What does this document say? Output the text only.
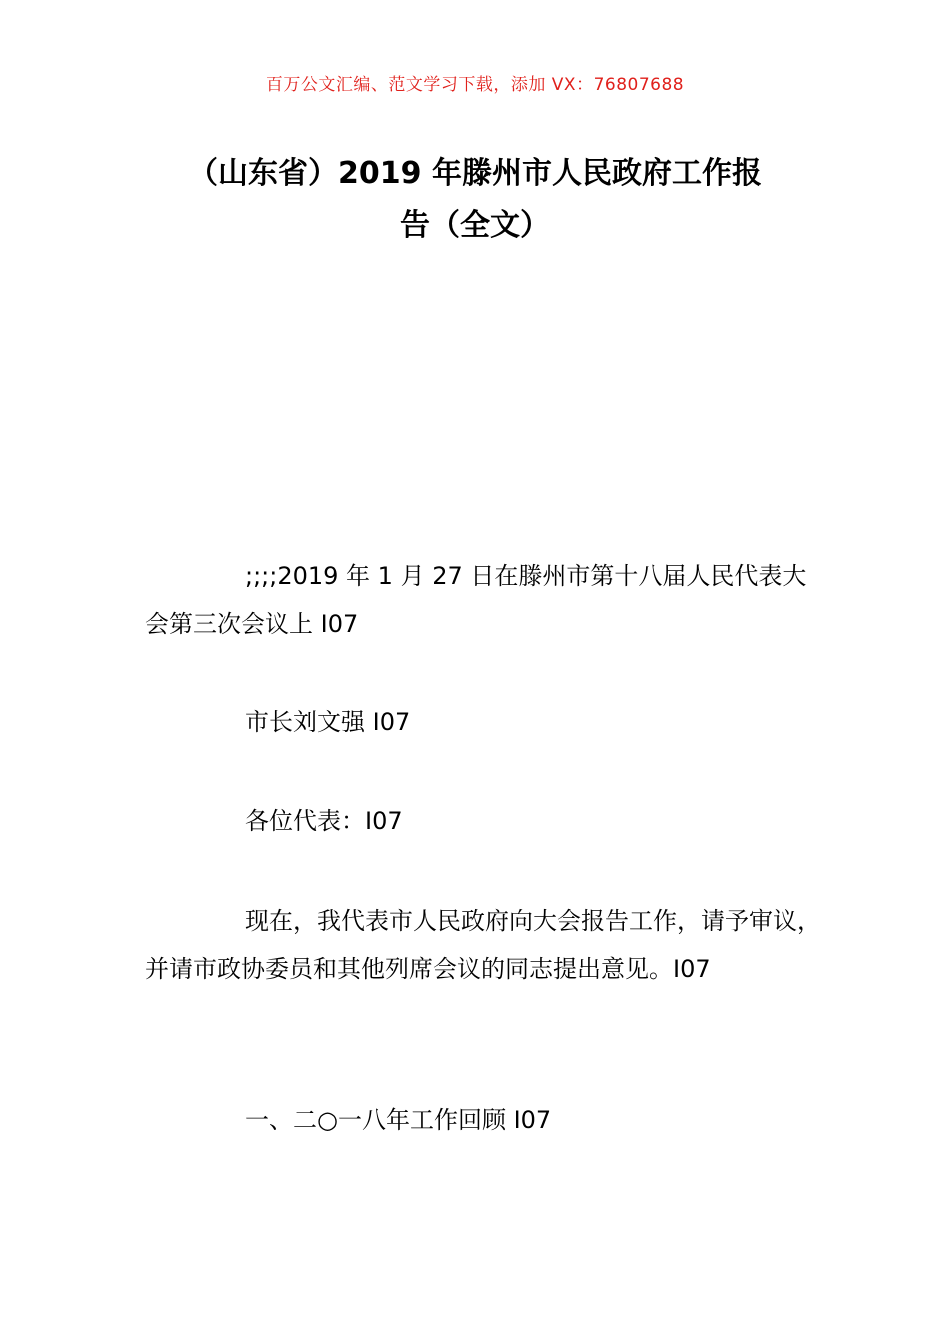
百万公文汇编、范文学习下载，添加 VX：76807688
（山东省）2019 年滕州市人民政府工作报
告（全文）

;;;;2019 年 1 月 27 日在滕州市第十八届人民代表大会第三次会议上 I07

市长刘文强 I07

各位代表：I07

现在，我代表市人民政府向大会报告工作，请予审议，并请市政协委员和其他列席会议的同志提出意见。I07

一、二○一八年工作回顾 I07
